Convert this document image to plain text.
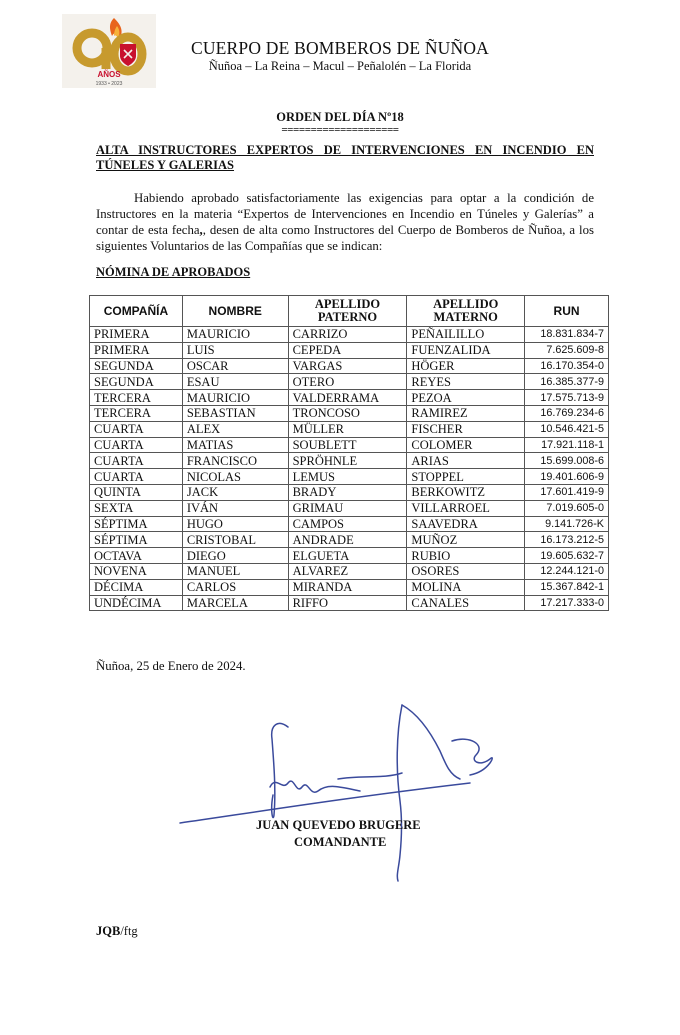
AÑOS
1933 • 2023
CUERPO DE BOMBEROS DE ÑUÑOA
Ñuñoa – La Reina – Macul – Peñalolén – La Florida
ORDEN DEL DÍA Nº18
====================
ALTA INSTRUCTORES EXPERTOS DE INTERVENCIONES EN INCENDIO EN TÚNELES Y GALERIAS
Habiendo aprobado satisfactoriamente las exigencias para optar a la condición de Instructores en la materia “Expertos de Intervenciones en Incendio en Túneles y Galerías” a contar de esta fecha,, desen de alta como Instructores del Cuerpo de Bomberos de Ñuñoa, a los siguientes Voluntarios de las Compañías que se indican:
NÓMINA DE APROBADOS
COMPAÑÍA	NOMBRE	APELLIDO PATERNO	APELLIDO MATERNO	RUN
PRIMERA	MAURICIO	CARRIZO	PEÑAILILLO	18.831.834-7
PRIMERA	LUIS	CEPEDA	FUENZALIDA	7.625.609-8
SEGUNDA	OSCAR	VARGAS	HÖGER	16.170.354-0
SEGUNDA	ESAU	OTERO	REYES	16.385.377-9
TERCERA	MAURICIO	VALDERRAMA	PEZOA	17.575.713-9
TERCERA	SEBASTIAN	TRONCOSO	RAMIREZ	16.769.234-6
CUARTA	ALEX	MÜLLER	FISCHER	10.546.421-5
CUARTA	MATIAS	SOUBLETT	COLOMER	17.921.118-1
CUARTA	FRANCISCO	SPRÖHNLE	ARIAS	15.699.008-6
CUARTA	NICOLAS	LEMUS	STOPPEL	19.401.606-9
QUINTA	JACK	BRADY	BERKOWITZ	17.601.419-9
SEXTA	IVÁN	GRIMAU	VILLARROEL	7.019.605-0
SÉPTIMA	HUGO	CAMPOS	SAAVEDRA	9.141.726-K
SÉPTIMA	CRISTOBAL	ANDRADE	MUÑOZ	16.173.212-5
OCTAVA	DIEGO	ELGUETA	RUBIO	19.605.632-7
NOVENA	MANUEL	ALVAREZ	OSORES	12.244.121-0
DÉCIMA	CARLOS	MIRANDA	MOLINA	15.367.842-1
UNDÉCIMA	MARCELA	RIFFO	CANALES	17.217.333-0
Ñuñoa, 25 de Enero de 2024.
JUAN QUEVEDO BRUGERE
COMANDANTE
JQB/ftg
